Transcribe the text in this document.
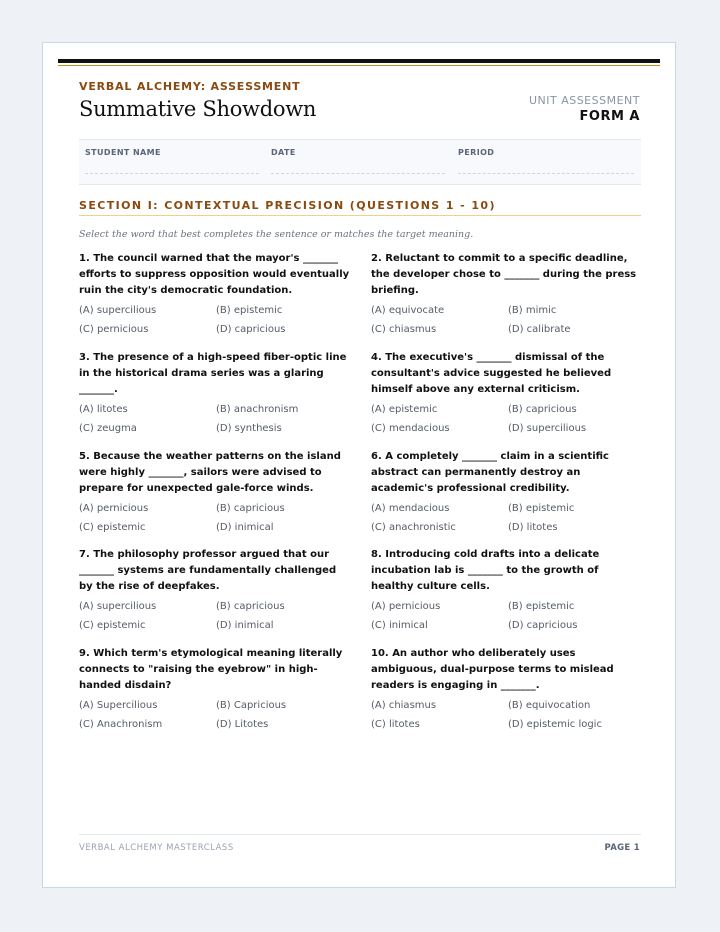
VERBAL ALCHEMY: ASSESSMENT
Summative Showdown	UNIT ASSESSMENT
FORM A
STUDENT NAME	DATE	PERIOD
SECTION I: CONTEXTUAL PRECISION (QUESTIONS 1 - 10)
Select the word that best completes the sentence or matches the target meaning.
1. The council warned that the mayor's _______ efforts to suppress opposition would eventually ruin the city's democratic foundation.
(A) supercilious	(B) epistemic
(C) pernicious	(D) capricious
2. Reluctant to commit to a specific deadline, the developer chose to _______ during the press briefing.
(A) equivocate	(B) mimic
(C) chiasmus	(D) calibrate
3. The presence of a high-speed fiber-optic line in the historical drama series was a glaring _______.
(A) litotes	(B) anachronism
(C) zeugma	(D) synthesis
4. The executive's _______ dismissal of the consultant's advice suggested he believed himself above any external criticism.
(A) epistemic	(B) capricious
(C) mendacious	(D) supercilious
5. Because the weather patterns on the island were highly _______, sailors were advised to prepare for unexpected gale-force winds.
(A) pernicious	(B) capricious
(C) epistemic	(D) inimical
6. A completely _______ claim in a scientific abstract can permanently destroy an academic's professional credibility.
(A) mendacious	(B) epistemic
(C) anachronistic	(D) litotes
7. The philosophy professor argued that our _______ systems are fundamentally challenged by the rise of deepfakes.
(A) supercilious	(B) capricious
(C) epistemic	(D) inimical
8. Introducing cold drafts into a delicate incubation lab is _______ to the growth of healthy culture cells.
(A) pernicious	(B) epistemic
(C) inimical	(D) capricious
9. Which term's etymological meaning literally connects to "raising the eyebrow" in high-handed disdain?
(A) Supercilious	(B) Capricious
(C) Anachronism	(D) Litotes
10. An author who deliberately uses ambiguous, dual-purpose terms to mislead readers is engaging in _______.
(A) chiasmus	(B) equivocation
(C) litotes	(D) epistemic logic
VERBAL ALCHEMY MASTERCLASS	PAGE 1
